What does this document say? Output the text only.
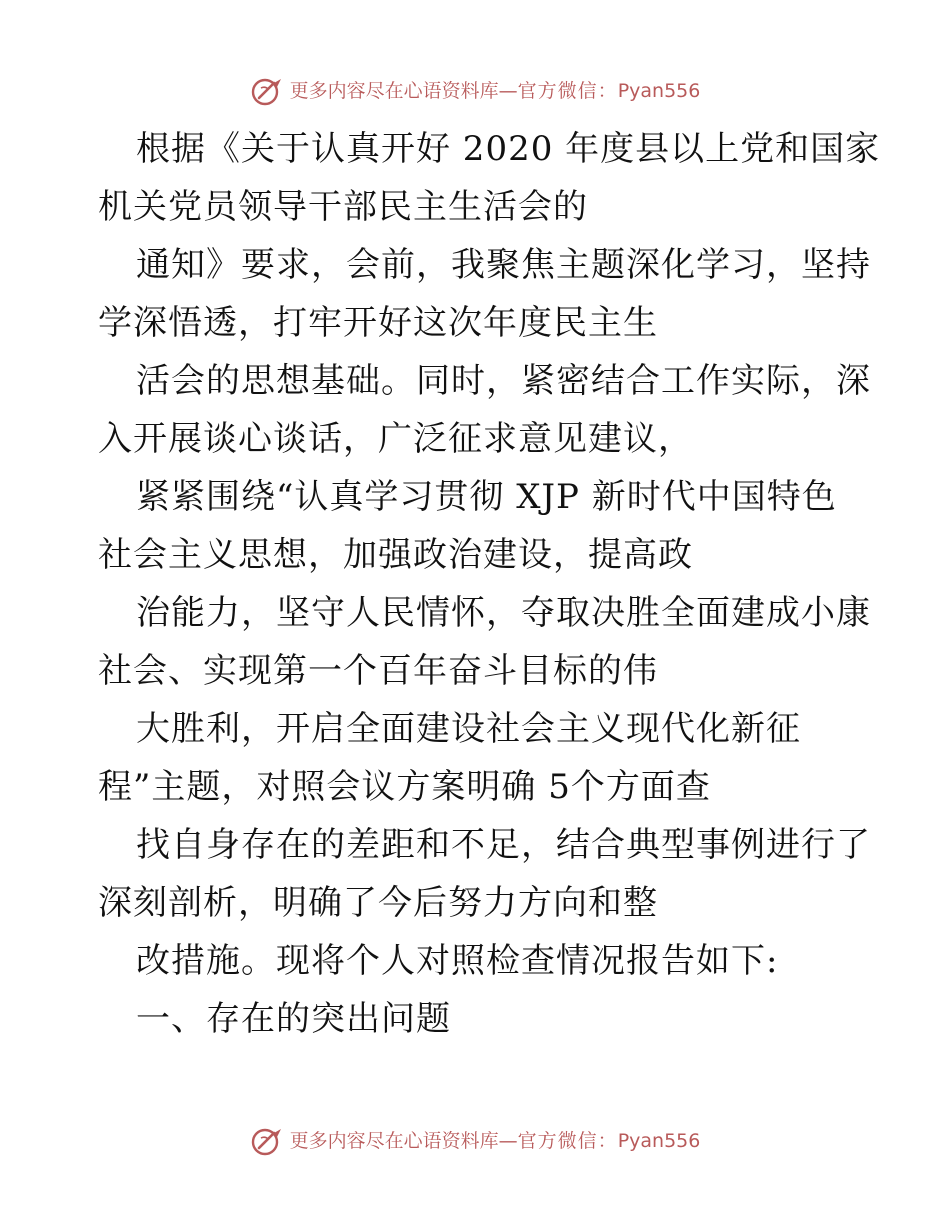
更多内容尽在心语资料库—官方微信：Pyan556
根据《关于认真开好 2020 年度县以上党和国家
机关党员领导干部民主生活会的
通知》要求，会前，我聚焦主题深化学习，坚持
学深悟透，打牢开好这次年度民主生
活会的思想基础。同时，紧密结合工作实际，深
入开展谈心谈话，广泛征求意见建议，
紧紧围绕“认真学习贯彻 XJP 新时代中国特色
社会主义思想，加强政治建设，提高政
治能力，坚守人民情怀，夺取决胜全面建成小康
社会、实现第一个百年奋斗目标的伟
大胜利，开启全面建设社会主义现代化新征
程”主题，对照会议方案明确 5个方面查
找自身存在的差距和不足，结合典型事例进行了
深刻剖析，明确了今后努力方向和整
改措施。现将个人对照检查情况报告如下:
一、存在的突出问题
更多内容尽在心语资料库—官方微信：Pyan556
